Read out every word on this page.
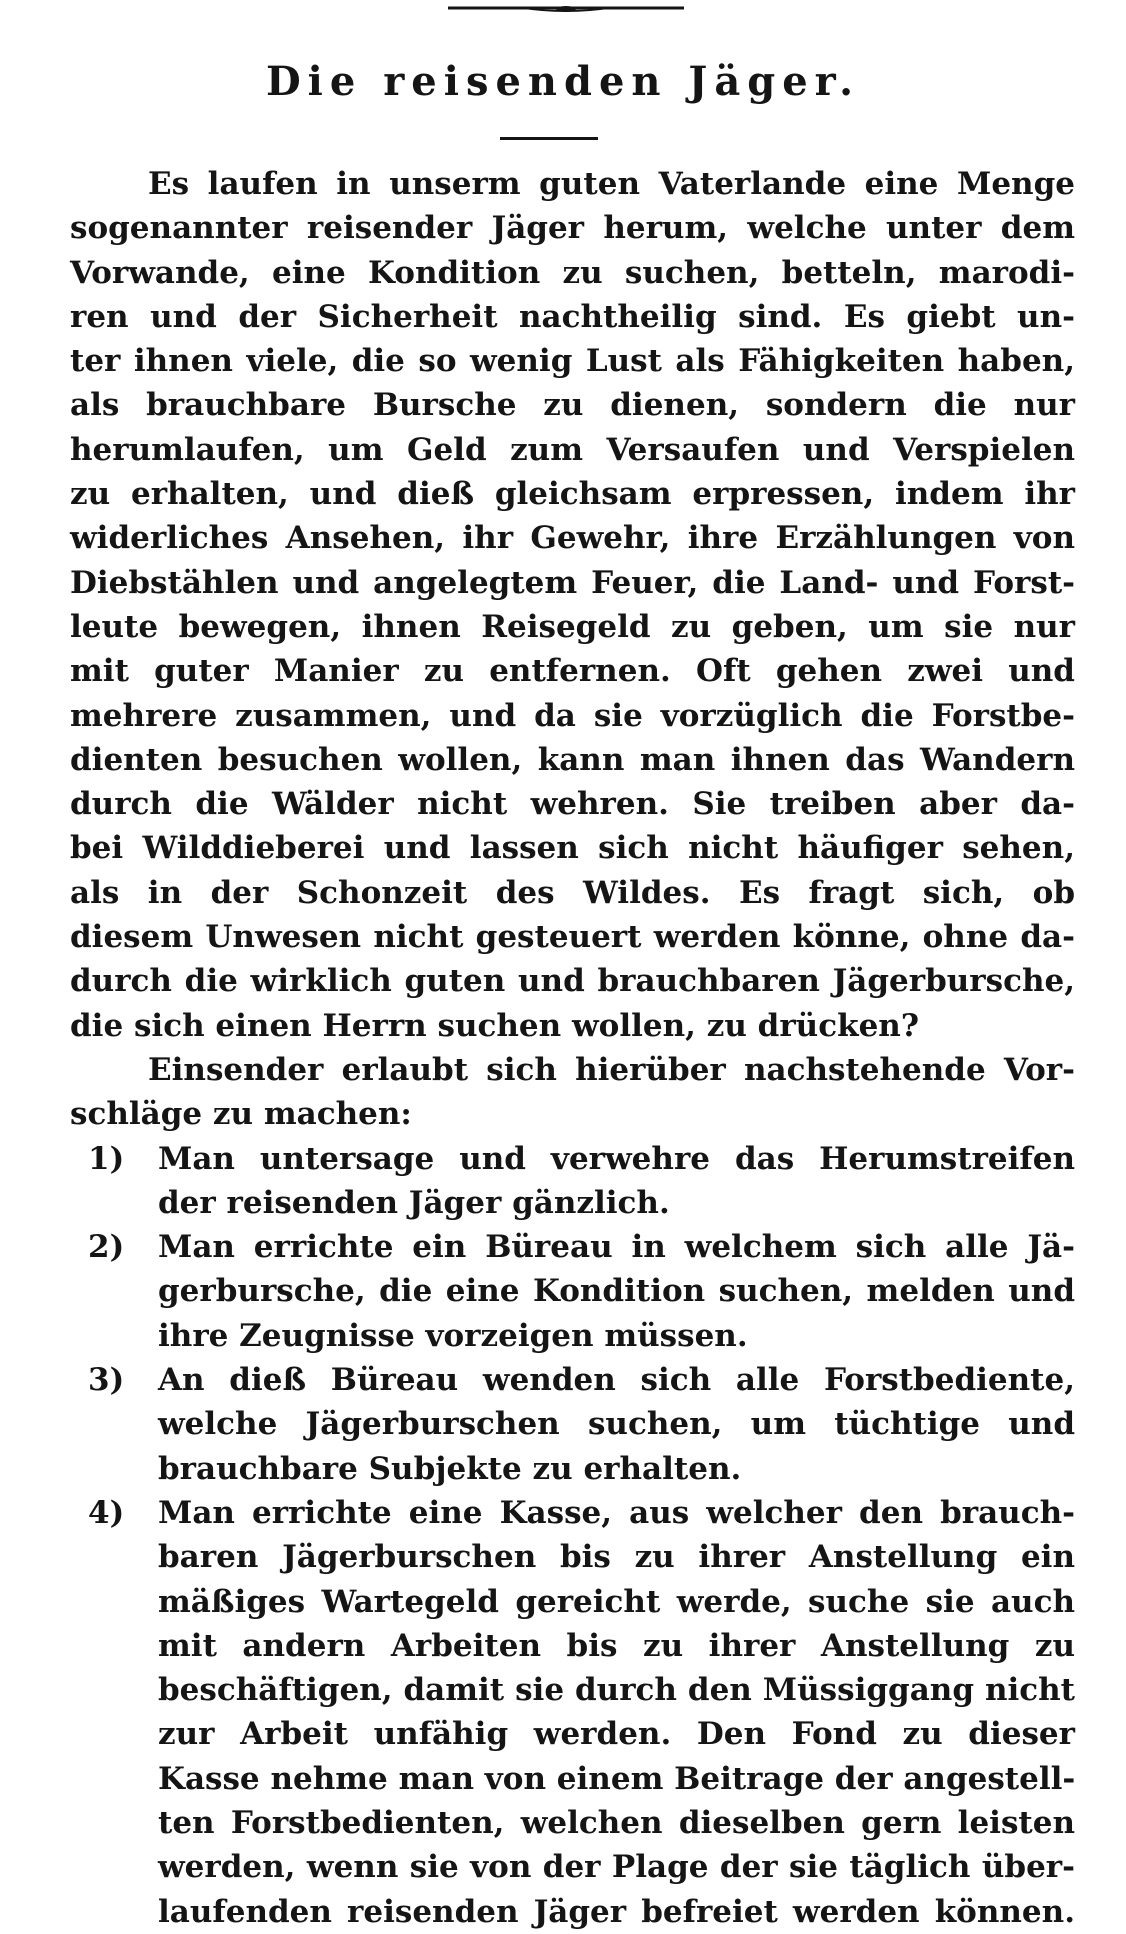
Die reisenden Jäger.
Es laufen in unserm guten Vaterlande eine Menge
sogenannter reisender Jäger herum, welche unter dem
Vorwande, eine Kondition zu suchen, betteln, marodi-
ren und der Sicherheit nachtheilig sind. Es giebt un-
ter ihnen viele, die so wenig Lust als Fähigkeiten haben,
als brauchbare Bursche zu dienen, sondern die nur
herumlaufen, um Geld zum Versaufen und Verspielen
zu erhalten, und dieß gleichsam erpressen, indem ihr
widerliches Ansehen, ihr Gewehr, ihre Erzählungen von
Diebstählen und angelegtem Feuer, die Land- und Forst-
leute bewegen, ihnen Reisegeld zu geben, um sie nur
mit guter Manier zu entfernen. Oft gehen zwei und
mehrere zusammen, und da sie vorzüglich die Forstbe-
dienten besuchen wollen, kann man ihnen das Wandern
durch die Wälder nicht wehren. Sie treiben aber da-
bei Wilddieberei und lassen sich nicht häufiger sehen,
als in der Schonzeit des Wildes. Es fragt sich, ob
diesem Unwesen nicht gesteuert werden könne, ohne da-
durch die wirklich guten und brauchbaren Jägerbursche,
die sich einen Herrn suchen wollen, zu drücken?
Einsender erlaubt sich hierüber nachstehende Vor-
schläge zu machen:
1) Man untersage und verwehre das Herumstreifen
der reisenden Jäger gänzlich.
2) Man errichte ein Büreau in welchem sich alle Jä-
gerbursche, die eine Kondition suchen, melden und
ihre Zeugnisse vorzeigen müssen.
3) An dieß Büreau wenden sich alle Forstbediente,
welche Jägerburschen suchen, um tüchtige und
brauchbare Subjekte zu erhalten.
4) Man errichte eine Kasse, aus welcher den brauch-
baren Jägerburschen bis zu ihrer Anstellung ein
mäßiges Wartegeld gereicht werde, suche sie auch
mit andern Arbeiten bis zu ihrer Anstellung zu
beschäftigen, damit sie durch den Müssiggang nicht
zur Arbeit unfähig werden. Den Fond zu dieser
Kasse nehme man von einem Beitrage der angestell-
ten Forstbedienten, welchen dieselben gern leisten
werden, wenn sie von der Plage der sie täglich über-
laufenden reisenden Jäger befreiet werden können.
